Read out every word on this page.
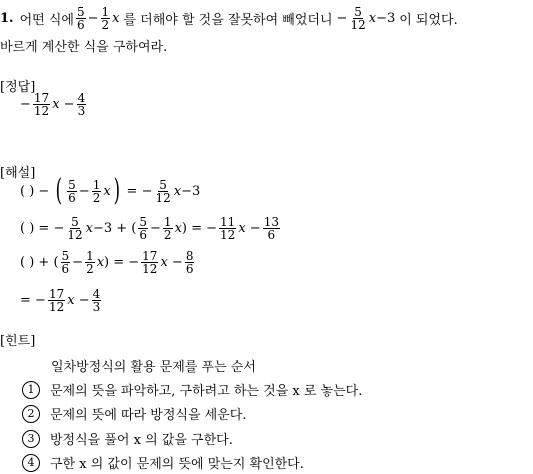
1. 어떤 식에 $\frac{5}{6} - \frac{1}{2}$ x 를 더해야 할 것을 잘못하여 빼었더니 − $\frac{5}{12}$ x −3 이 되었다.
바르게 계산한 식을 구하여라.
[정답]
− $\frac{17}{12}$ $x - \frac{4}{3}$
[해설]
( ) − ( $\frac{5}{6} - \frac{1}{2}$ x ) = − $\frac{5}{12}$ x −3
( ) = − $\frac{5}{12}$ x −3 + ( $\frac{5}{6} - \frac{1}{2}$ x ) = − $\frac{11}{12}$ $x - \frac{13}{6}$
( ) + ( $\frac{5}{6} - \frac{1}{2}$ x ) = − $\frac{17}{12}$ $x - \frac{8}{6}$
= − $\frac{17}{12}$ $x - \frac{4}{3}$
[힌트]
일차방정식의 활용 문제를 푸는 순서
1	문제의 뜻을 파악하고, 구하려고 하는 것을 x 로 놓는다.
2	문제의 뜻에 따라 방정식을 세운다.
3	방정식을 풀어 x 의 값을 구한다.
4	구한 x 의 값이 문제의 뜻에 맞는지 확인한다.
